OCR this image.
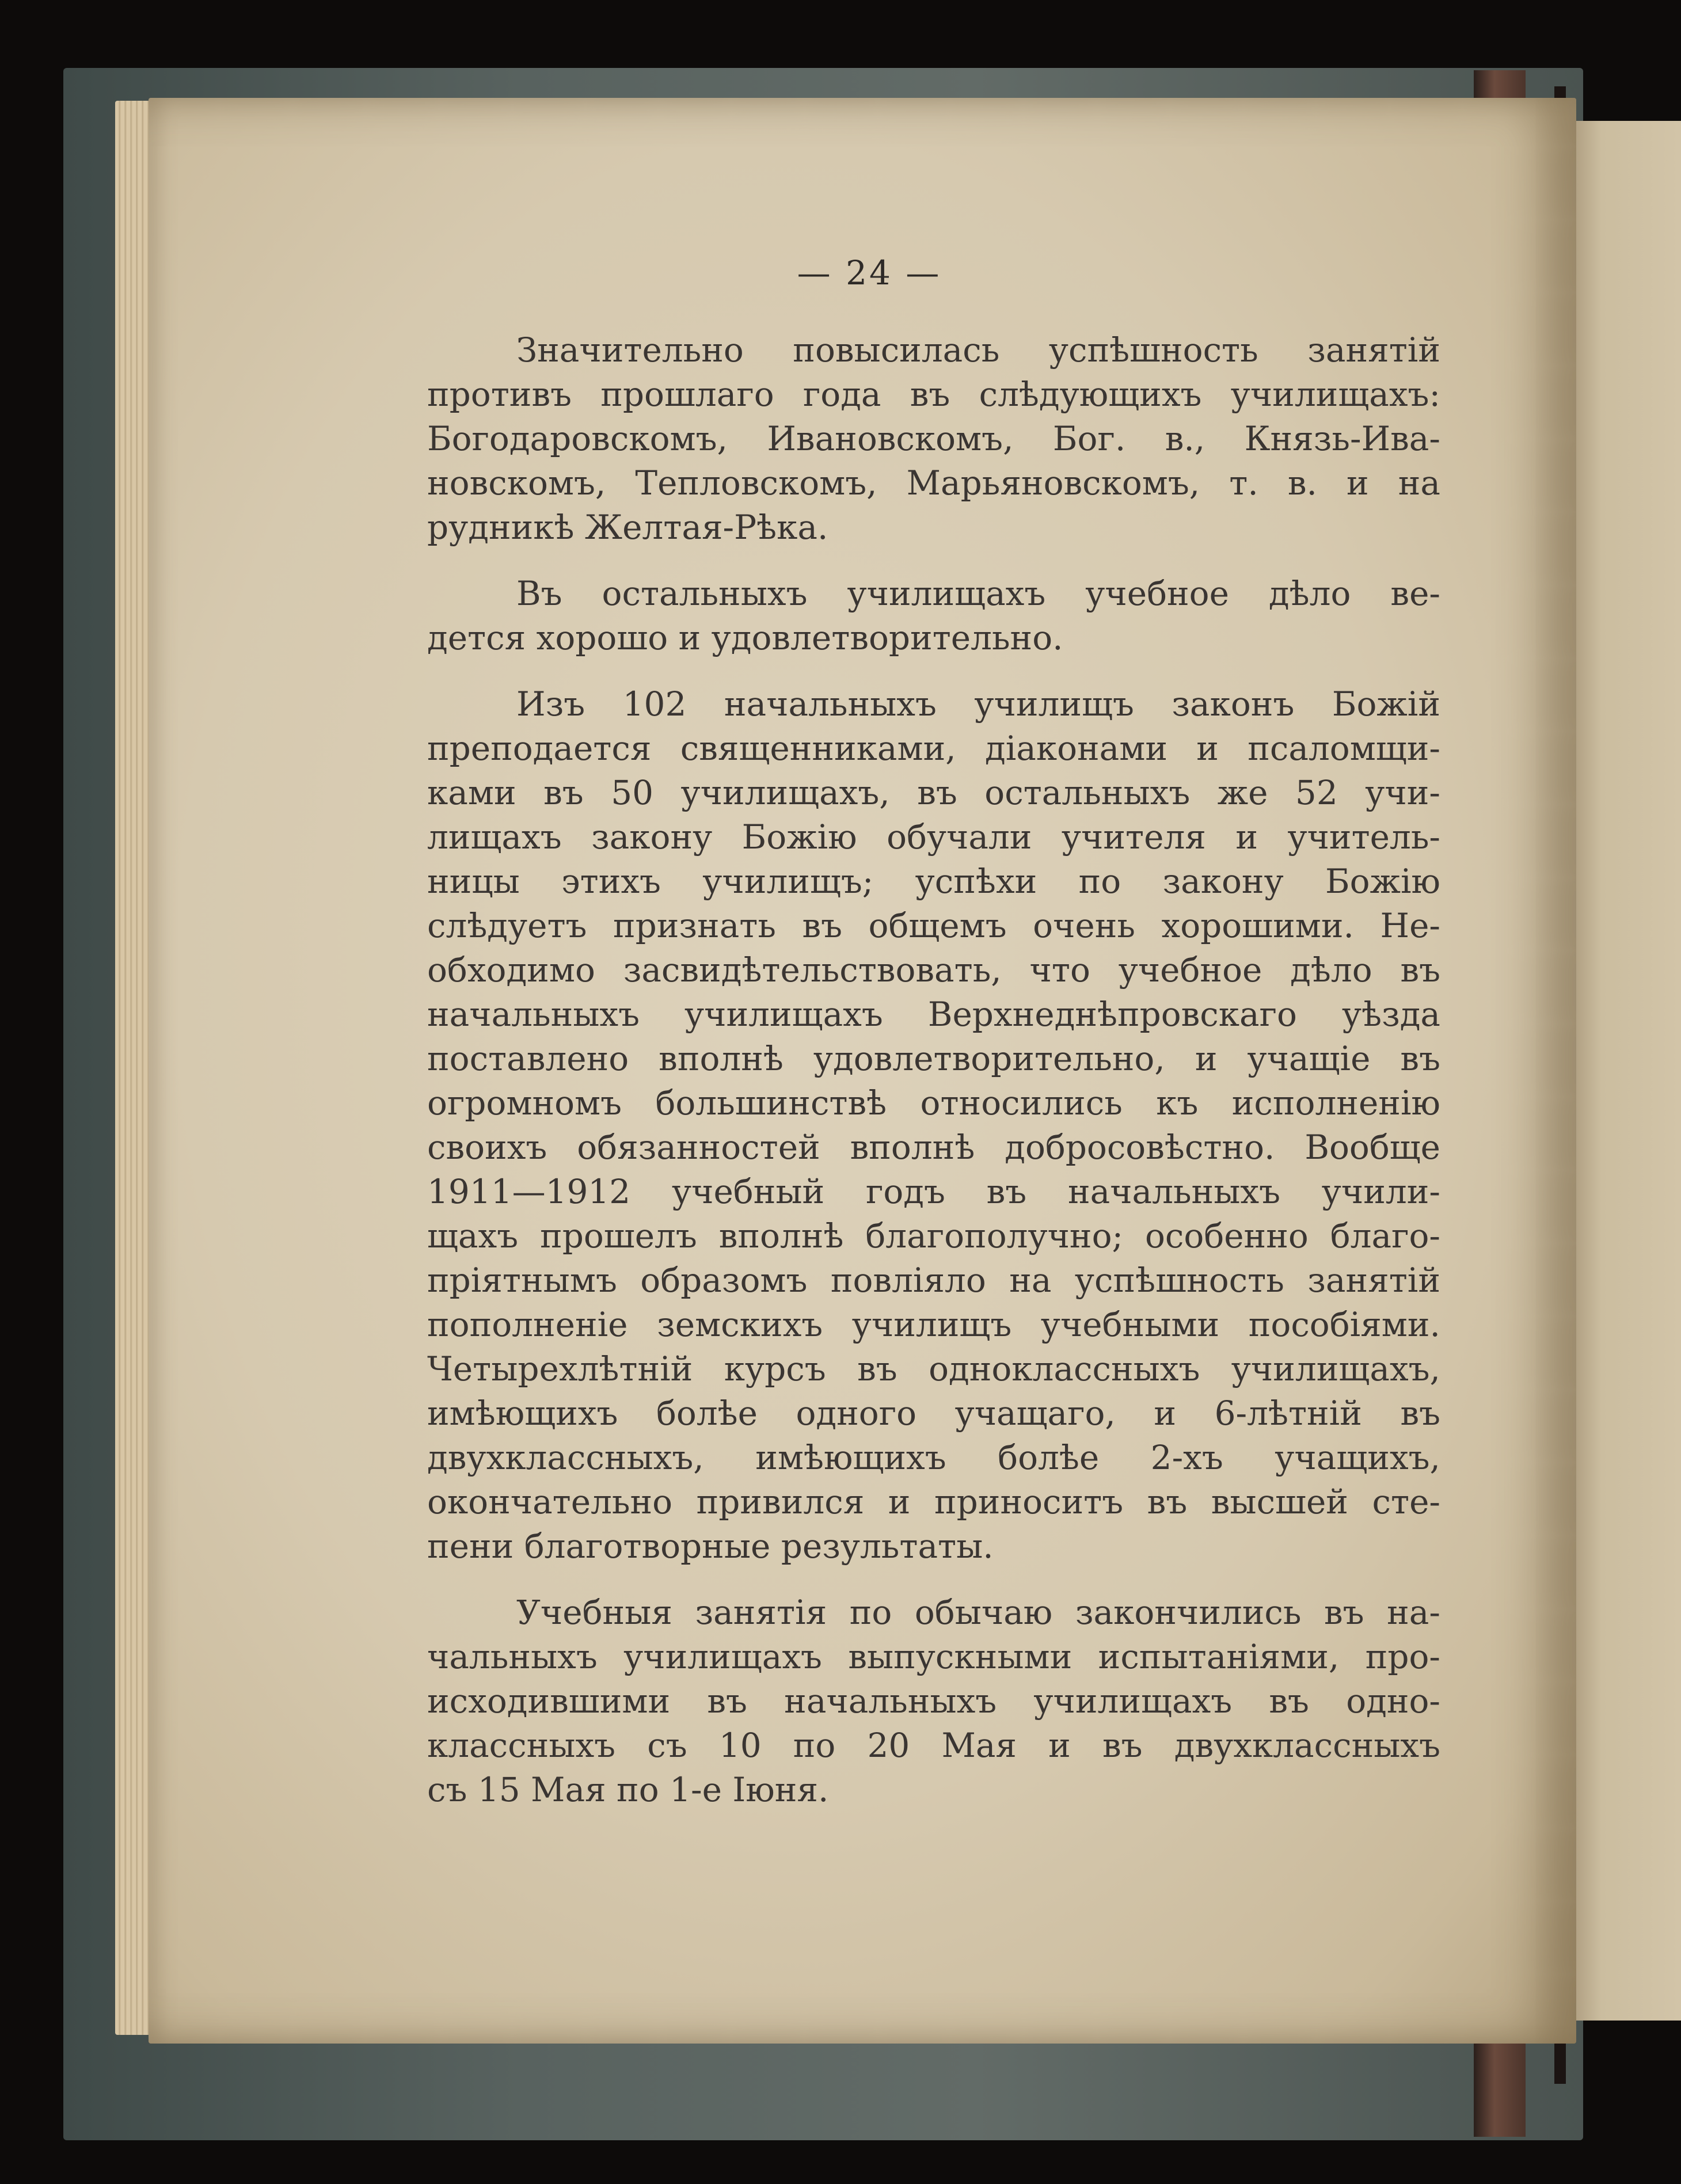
— 24 —
Значительно повысилась успѣшность занятій
противъ прошлаго года въ слѣдующихъ училищахъ:
Богодаровскомъ, Ивановскомъ, Бог. в., Князь-Ива-
новскомъ, Тепловскомъ, Марьяновскомъ, т. в. и на
рудникѣ Желтая-Рѣка.
Въ остальныхъ училищахъ учебное дѣло ве-
дется хорошо и удовлетворительно.
Изъ 102 начальныхъ училищъ законъ Божій
преподается священниками, діаконами и псаломщи-
ками въ 50 училищахъ, въ остальныхъ же 52 учи-
лищахъ закону Божію обучали учителя и учитель-
ницы этихъ училищъ; успѣхи по закону Божію
слѣдуетъ признать въ общемъ очень хорошими. Не-
обходимо засвидѣтельствовать, что учебное дѣло въ
начальныхъ училищахъ Верхнеднѣпровскаго уѣзда
поставлено вполнѣ удовлетворительно, и учащіе въ
огромномъ большинствѣ относились къ исполненію
своихъ обязанностей вполнѣ добросовѣстно. Вообще
1911—1912 учебный годъ въ начальныхъ учили-
щахъ прошелъ вполнѣ благополучно; особенно благо-
пріятнымъ образомъ повліяло на успѣшность занятій
пополненіе земскихъ училищъ учебными пособіями.
Четырехлѣтній курсъ въ одноклассныхъ училищахъ,
имѣющихъ болѣе одного учащаго, и 6-лѣтній въ
двухклассныхъ, имѣющихъ болѣе 2-хъ учащихъ,
окончательно привился и приноситъ въ высшей сте-
пени благотворные результаты.
Учебныя занятія по обычаю закончились въ на-
чальныхъ училищахъ выпускными испытаніями, про-
исходившими въ начальныхъ училищахъ въ одно-
классныхъ съ 10 по 20 Мая и въ двухклассныхъ
съ 15 Мая по 1-е Іюня.
